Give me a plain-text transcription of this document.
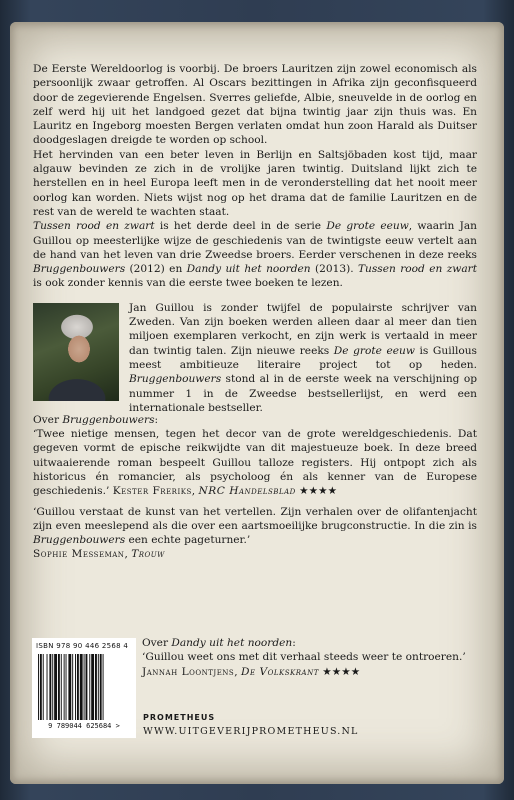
De Eerste Wereldoorlog is voorbij. De broers Lauritzen zijn zowel economisch als persoonlijk zwaar getroffen. Al Oscars bezittingen in Afrika zijn geconfisqueerd door de zegevierende Engelsen. Sverres geliefde, Albie, sneuvelde in de oorlog en zelf werd hij uit het landgoed gezet dat bijna twintig jaar zijn thuis was. En Lauritz en Ingeborg moesten Bergen verlaten omdat hun zoon Harald als Duitser doodgeslagen dreigde te worden op school.

Het hervinden van een beter leven in Berlijn en Saltsjöbaden kost tijd, maar algauw bevinden ze zich in de vrolijke jaren twintig. Duitsland lijkt zich te herstellen en in heel Europa leeft men in de veronderstelling dat het nooit meer oorlog kan worden. Niets wijst nog op het drama dat de familie Lauritzen en de rest van de wereld te wachten staat.

Tussen rood en zwart is het derde deel in de serie De grote eeuw, waarin Jan Guillou op meesterlijke wijze de geschiedenis van de twintigste eeuw vertelt aan de hand van het leven van drie Zweedse broers. Eerder verschenen in deze reeks Bruggenbouwers (2012) en Dandy uit het noorden (2013). Tussen rood en zwart is ook zonder kennis van die eerste twee boeken te lezen.

Jan Guillou is zonder twijfel de populairste schrijver van Zweden. Van zijn boeken werden alleen daar al meer dan tien miljoen exemplaren verkocht, en zijn werk is vertaald in meer dan twintig talen. Zijn nieuwe reeks De grote eeuw is Guillous meest ambitieuze literaire project tot op heden. Bruggenbouwers stond al in de eerste week na verschijning op nummer 1 in de Zweedse bestsellerlijst, en werd een internationale bestseller.

Over Bruggenbouwers:

‘Twee nietige mensen, tegen het decor van de grote wereldgeschiedenis. Dat gegeven vormt de epische reikwijdte van dit majestueuze boek. In deze breed uitwaaierende roman bespeelt Guillou talloze registers. Hij ontpopt zich als historicus én romancier, als psycholoog én als kenner van de Europese geschiedenis.’ Kester Freriks, NRC Handelsblad ★★★★

‘Guillou verstaat de kunst van het vertellen. Zijn verhalen over de olifantenjacht zijn even meeslepend als die over een aartsmoeilijke brugconstructie. In die zin is Bruggenbouwers een echte pageturner.’

Sophie Messeman, Trouw

Over Dandy uit het noorden:

‘Guillou weet ons met dit verhaal steeds weer te ontroeren.’

Jannah Loontjens, De Volkskrant ★★★★

ISBN 978 90 446 2568 4
9 789044 625684 >
PROMETHEUS
WWW.UITGEVERIJPROMETHEUS.NL
